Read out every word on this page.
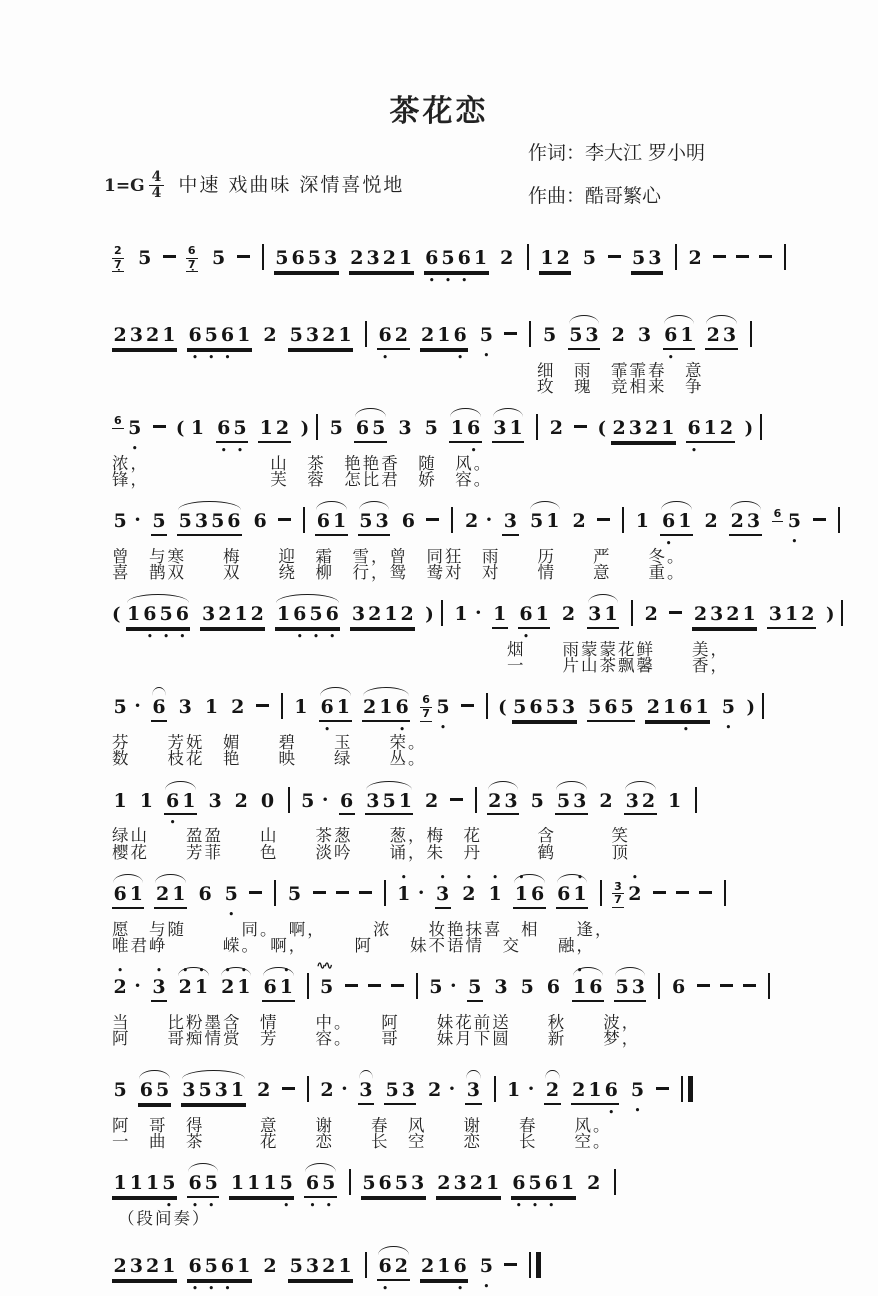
茶花恋
作词：李大江 罗小明
作曲：酷哥繁心
$1=G \frac{4}{4}$ 中速 戏曲味 深情喜悦地
$\frac{2}{7̣} 5$	$\frac{6}{7̣} 5$	5 6 5 3 2 3 2 1 6
•
5
•
6
•
1 2 1 2 5 5 3 2
2 3 2 1 6
•
5
•
6
•
1 2 5 3 2 1 6
•
2 2 1 6
•
5
•
5 5 3 2 3 6
•
1 2 3
细　雨　霏霏春　意
玫　瑰　竞相来　争
6 5
•
( 1 6
•
5
•
1 2 ) 5 6 5 3 5 1 6
•
3 1 2 ( 2 3 2 1 6
•
1 2 )
浓，　　　　　　　山　茶　艳艳香　随　风。
锋，　　　　　　　芙　蓉　怎比君　娇　容。
5 · 5 5 3 5 6 6	6 1 5 3 6	2 · 3 5 1 2	1 6
•
1 2 2 3 6 5
•
曾　与寒　　梅　　迎　霜　雪，曾　同狂　雨　　历　　严　　冬。
喜　鹊双　　双　　绕　柳　行，鸳　鸯对　对　　情　　意　　重。
( 1 6
•
5
•
6
•
3 2 1 2 1 6
•
5
•
6
•
3 2 1 2 ) 1 · 1 6
•
1 2 3 1 2 2 3 2 1 3 1 2 )
烟　　雨蒙蒙花鲜　　美，
一　　片山茶飘馨　　香，
5 · 6 3 1 2	1 6
•
1 2 1 6
•
$\frac{6}{7} 5$
•
( 5 6 5 3 5 6 5 2 1 6
•
1 5
•
)
芬　　芳妩　媚　　碧　　玉　　荣。
数　　枝花　艳　　映　　绿　　丛。
1 1 6
•
1 3 2 0 5 · 6 3 5 1 2	2 3 5 5 3 2 3 2 1
绿山　　盈盈　　山　　茶葱　　葱，梅　花　　　含　　　笑
樱花　　芳菲　　色　　淡吟　　诵，朱　丹　　　鹤　　　顶
6 1 2 1 6 5
•
5	1
•
· 3
•
2
•
1
•
1
•
6 6 1
•
$\frac{3̇}{7} 2$
•
愿　与随　　　同。　啊，　　　浓　　妆艳抹喜　相　　逢，
唯君峥　　　嵘。　啊，　　　阿　　妹不语情　交　　融，
2
•
· 3
•
2
•
1
•
2
•
1
•
6 1
•
5 ∿∿	5 · 5 3 5 6 1
•
6 5 3 6
当　　比粉墨含　情　　中。　　阿　　妹花前送　　秋　　波，
阿　　哥痴情赏　芳　　容。　　哥　　妹月下圆　　新　　梦，
5 6 5 3 5 3 1 2	2 · 3 5 3 2 · 3 1 · 2 2 1 6
•
5
•
阿　哥　得　　　意　　谢　　春　风　　谢　　春　　风。
一　曲　茶　　　花　　恋　　长　空　　恋　　长　　空。
1 1 1 5
•
6
•
5
•
1 1 1 5
•
6
•
5
•
5 6 5 3 2 3 2 1 6
•
5
•
6
•
1 2
（段间奏）
2 3 2 1 6
•
5
•
6
•
1 2 5 3 2 1 6
•
2 2 1 6
•
5
•
